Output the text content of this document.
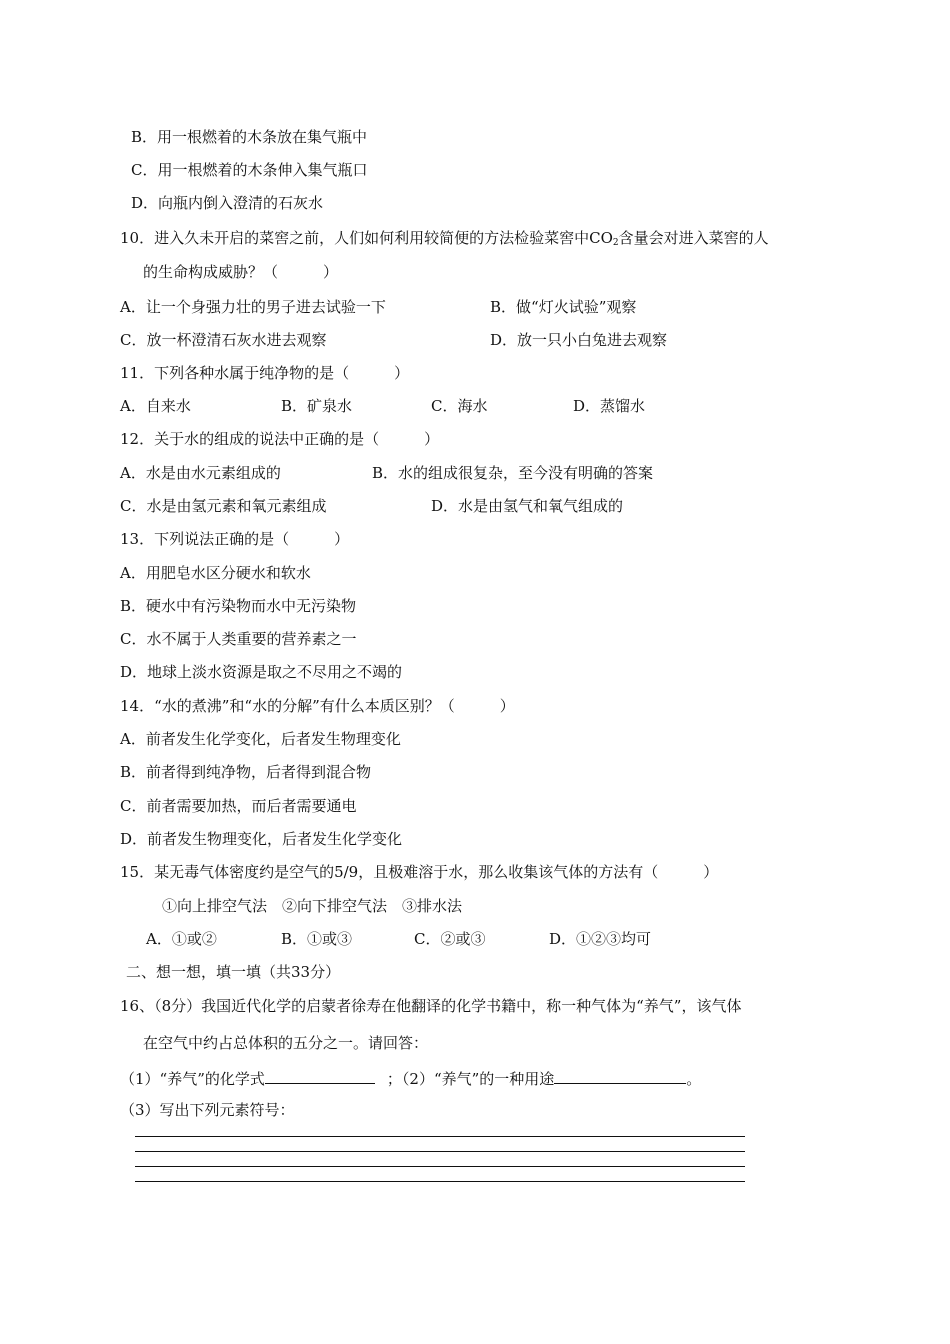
B．用一根燃着的木条放在集气瓶中
C．用一根燃着的木条伸入集气瓶口
D．向瓶内倒入澄清的石灰水
10．进入久未开启的菜窖之前，人们如何利用较简便的方法检验菜窖中$CO_2$含量会对进入菜窖的人
的生命构成威胁？（　　　）
A．让一个身强力壮的男子进去试验一下	B．做“灯火试验”观察
C．放一杯澄清石灰水进去观察	D．放一只小白兔进去观察
11．下列各种水属于纯净物的是（　　　）
A．自来水	B．矿泉水	C．海水	D．蒸馏水
12．关于水的组成的说法中正确的是（　　　）
A．水是由水元素组成的	B．水的组成很复杂，至今没有明确的答案
C．水是由氢元素和氧元素组成	D．水是由氢气和氧气组成的
13．下列说法正确的是（　　　）
A．用肥皂水区分硬水和软水
B．硬水中有污染物而水中无污染物
C．水不属于人类重要的营养素之一
D．地球上淡水资源是取之不尽用之不竭的
14．“水的煮沸”和“水的分解”有什么本质区别？（　　　）
A．前者发生化学变化，后者发生物理变化
B．前者得到纯净物，后者得到混合物
C．前者需要加热，而后者需要通电
D．前者发生物理变化，后者发生化学变化
15．某无毒气体密度约是空气的5/9，且极难溶于水，那么收集该气体的方法有（　　　）
①向上排空气法　②向下排空气法　③排水法
A．①或②	B．①或③	C．②或③	D．①②③均可
二、想一想，填一填（共33分）
16、（8分）我国近代化学的启蒙者徐寿在他翻译的化学书籍中，称一种气体为“养气”，该气体
在空气中约占总体积的五分之一。请回答：
（1）“养气”的化学式	；（2）“养气”的一种用途	。
（3）写出下列元素符号：
